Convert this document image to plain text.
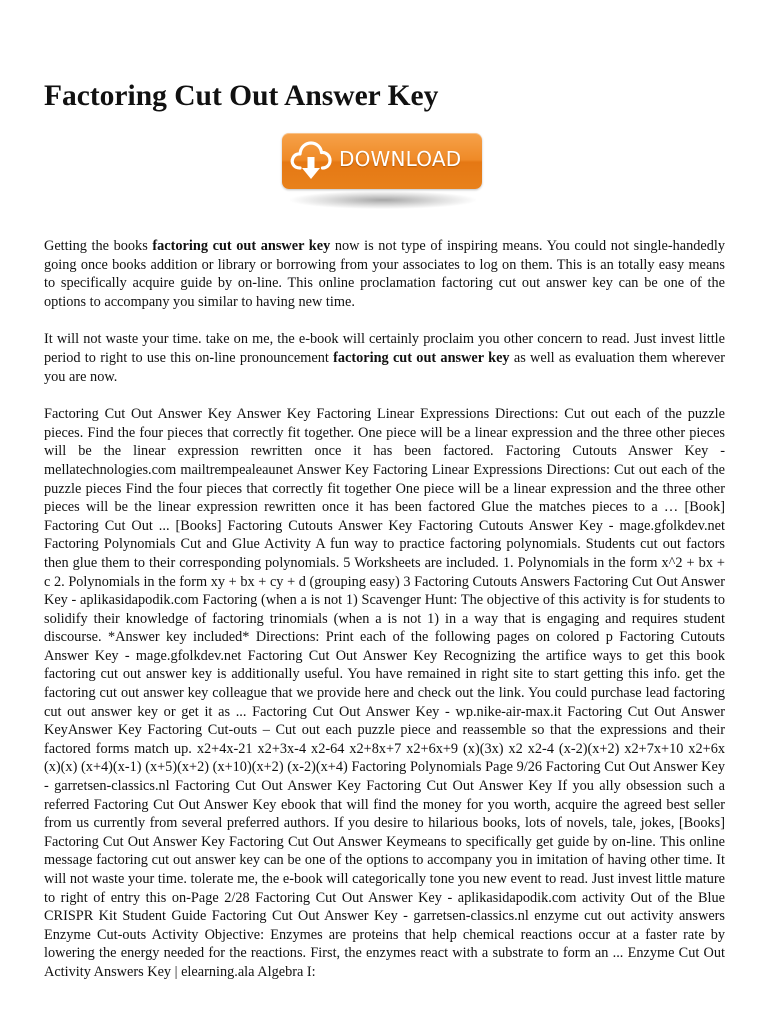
Factoring Cut Out Answer Key
DOWNLOAD

Getting the books factoring cut out answer key now is not type of inspiring means. You could not single-handedly going once books addition or library or borrowing from your associates to log on them. This is an totally easy means to specifically acquire guide by on-line. This online proclamation factoring cut out answer key can be one of the options to accompany you similar to having new time.

It will not waste your time. take on me, the e-book will certainly proclaim you other concern to read. Just invest little period to right to use this on-line pronouncement factoring cut out answer key as well as evaluation them wherever you are now.

Factoring Cut Out Answer Key Answer Key Factoring Linear Expressions Directions: Cut out each of the puzzle pieces. Find the four pieces that correctly fit together. One piece will be a linear expression and the three other pieces will be the linear expression rewritten once it has been factored. Factoring Cutouts Answer Key - mellatechnologies.com mailtrempealeaunet Answer Key Factoring Linear Expressions Directions: Cut out each of the puzzle pieces Find the four pieces that correctly fit together One piece will be a linear expression and the three other pieces will be the linear expression rewritten once it has been factored Glue the matches pieces to a … [Book] Factoring Cut Out ... [Books] Factoring Cutouts Answer Key Factoring Cutouts Answer Key - mage.gfolkdev.net Factoring Polynomials Cut and Glue Activity A fun way to practice factoring polynomials. Students cut out factors then glue them to their corresponding polynomials. 5 Worksheets are included. 1. Polynomials in the form x^2 + bx + c 2. Polynomials in the form xy + bx + cy + d (grouping easy) 3 Factoring Cutouts Answers Factoring Cut Out Answer Key - aplikasidapodik.com Factoring (when a is not 1) Scavenger Hunt: The objective of this activity is for students to solidify their knowledge of factoring trinomials (when a is not 1) in a way that is engaging and requires student discourse. *Answer key included* Directions: Print each of the following pages on colored p Factoring Cutouts Answer Key - mage.gfolkdev.net Factoring Cut Out Answer Key Recognizing the artifice ways to get this book factoring cut out answer key is additionally useful. You have remained in right site to start getting this info. get the factoring cut out answer key colleague that we provide here and check out the link. You could purchase lead factoring cut out answer key or get it as ... Factoring Cut Out Answer Key - wp.nike-air-max.it Factoring Cut Out Answer KeyAnswer Key Factoring Cut-outs – Cut out each puzzle piece and reassemble so that the expressions and their factored forms match up. x2+4x-21 x2+3x-4 x2-64 x2+8x+7 x2+6x+9 (x)(3x) x2 x2-4 (x-2)(x+2) x2+7x+10 x2+6x (x)(x) (x+4)(x-1) (x+5)(x+2) (x+10)(x+2) (x-2)(x+4) Factoring Polynomials Page 9/26 Factoring Cut Out Answer Key - garretsen-classics.nl Factoring Cut Out Answer Key Factoring Cut Out Answer Key If you ally obsession such a referred Factoring Cut Out Answer Key ebook that will find the money for you worth, acquire the agreed best seller from us currently from several preferred authors. If you desire to hilarious books, lots of novels, tale, jokes, [Books] Factoring Cut Out Answer Key Factoring Cut Out Answer Keymeans to specifically get guide by on-line. This online message factoring cut out answer key can be one of the options to accompany you in imitation of having other time. It will not waste your time. tolerate me, the e-book will categorically tone you new event to read. Just invest little mature to right of entry this on-Page 2/28 Factoring Cut Out Answer Key - aplikasidapodik.com activity Out of the Blue CRISPR Kit Student Guide Factoring Cut Out Answer Key - garretsen-classics.nl enzyme cut out activity answers Enzyme Cut-outs Activity Objective: Enzymes are proteins that help chemical reactions occur at a faster rate by lowering the energy needed for the reactions. First, the enzymes react with a substrate to form an ... Enzyme Cut Out Activity Answers Key | elearning.ala Algebra I:
